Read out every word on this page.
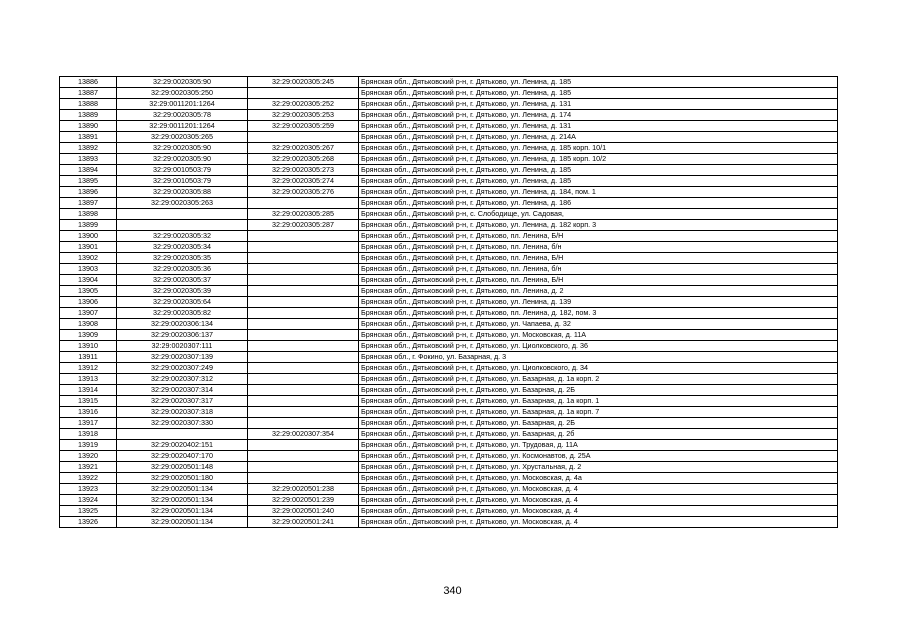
13886	32:29:0020305:90	32:29:0020305:245	Брянская обл., Дятьковский р-н, г. Дятьково, ул. Ленина, д. 185
13887	32:29:0020305:250		Брянская обл., Дятьковский р-н, г. Дятьково, ул. Ленина, д. 185
13888	32:29:0011201:1264	32:29:0020305:252	Брянская обл., Дятьковский р-н, г. Дятьково, ул. Ленина, д. 131
13889	32:29:0020305:78	32:29:0020305:253	Брянская обл., Дятьковский р-н, г. Дятьково, ул. Ленина, д. 174
13890	32:29:0011201:1264	32:29:0020305:259	Брянская обл., Дятьковский р-н, г. Дятьково, ул. Ленина, д. 131
13891	32:29:0020305:265		Брянская обл., Дятьковский р-н, г. Дятьково, ул. Ленина, д. 214А
13892	32:29:0020305:90	32:29:0020305:267	Брянская обл., Дятьковский р-н, г. Дятьково, ул. Ленина, д. 185 корп. 10/1
13893	32:29:0020305:90	32:29:0020305:268	Брянская обл., Дятьковский р-н, г. Дятьково, ул. Ленина, д. 185 корп. 10/2
13894	32:29:0010503:79	32:29:0020305:273	Брянская обл., Дятьковский р-н, г. Дятьково, ул. Ленина, д. 185
13895	32:29:0010503:79	32:29:0020305:274	Брянская обл., Дятьковский р-н, г. Дятьково, ул. Ленина, д. 185
13896	32:29:0020305:88	32:29:0020305:276	Брянская обл., Дятьковский р-н, г. Дятьково, ул. Ленина, д. 184, пом. 1
13897	32:29:0020305:263		Брянская обл., Дятьковский р-н, г. Дятьково, ул. Ленина, д. 186
13898		32:29:0020305:285	Брянская обл., Дятьковский р-н, с. Слободище, ул. Садовая,
13899		32:29:0020305:287	Брянская обл., Дятьковский р-н, г. Дятьково, ул. Ленина, д. 182 корп. 3
13900	32:29:0020305:32		Брянская обл., Дятьковский р-н, г. Дятьково, пл. Ленина, Б/Н
13901	32:29:0020305:34		Брянская обл., Дятьковский р-н, г. Дятьково, пл. Ленина, б/н
13902	32:29:0020305:35		Брянская обл., Дятьковский р-н, г. Дятьково, пл. Ленина, Б/Н
13903	32:29:0020305:36		Брянская обл., Дятьковский р-н, г. Дятьково, пл. Ленина, б/н
13904	32:29:0020305:37		Брянская обл., Дятьковский р-н, г. Дятьково, пл. Ленина, Б/Н
13905	32:29:0020305:39		Брянская обл., Дятьковский р-н, г. Дятьково, пл. Ленина, д. 2
13906	32:29:0020305:64		Брянская обл., Дятьковский р-н, г. Дятьково, ул. Ленина, д. 139
13907	32:29:0020305:82		Брянская обл., Дятьковский р-н, г. Дятьково, пл. Ленина, д. 182, пом. 3
13908	32:29:0020306:134		Брянская обл., Дятьковский р-н, г. Дятьково, ул. Чапаева, д. 32
13909	32:29:0020306:137		Брянская обл., Дятьковский р-н, г. Дятьково, ул. Московская, д. 11А
13910	32:29:0020307:111		Брянская обл., Дятьковский р-н, г. Дятьково, ул. Циолковского, д. 36
13911	32:29:0020307:139		Брянская обл., г. Фокино, ул. Базарная, д. 3
13912	32:29:0020307:249		Брянская обл., Дятьковский р-н, г. Дятьково, ул. Циолковского, д. 34
13913	32:29:0020307:312		Брянская обл., Дятьковский р-н, г. Дятьково, ул. Базарная, д. 1а корп. 2
13914	32:29:0020307:314		Брянская обл., Дятьковский р-н, г. Дятьково, ул. Базарная, д. 2Б
13915	32:29:0020307:317		Брянская обл., Дятьковский р-н, г. Дятьково, ул. Базарная, д. 1а корп. 1
13916	32:29:0020307:318		Брянская обл., Дятьковский р-н, г. Дятьково, ул. Базарная, д. 1а корп. 7
13917	32:29:0020307:330		Брянская обл., Дятьковский р-н, г. Дятьково, ул. Базарная, д. 2Б
13918		32:29:0020307:354	Брянская обл., Дятьковский р-н, г. Дятьково, ул. Базарная, д. 2б
13919	32:29:0020402:151		Брянская обл., Дятьковский р-н, г. Дятьково, ул. Трудовая, д. 11А
13920	32:29:0020407:170		Брянская обл., Дятьковский р-н, г. Дятьково, ул. Космонавтов, д. 25А
13921	32:29:0020501:148		Брянская обл., Дятьковский р-н, г. Дятьково, ул. Хрустальная, д. 2
13922	32:29:0020501:180		Брянская обл., Дятьковский р-н, г. Дятьково, ул. Московская, д. 4а
13923	32:29:0020501:134	32:29:0020501:238	Брянская обл., Дятьковский р-н, г. Дятьково, ул. Московская, д. 4
13924	32:29:0020501:134	32:29:0020501:239	Брянская обл., Дятьковский р-н, г. Дятьково, ул. Московская, д. 4
13925	32:29:0020501:134	32:29:0020501:240	Брянская обл., Дятьковский р-н, г. Дятьково, ул. Московская, д. 4
13926	32:29:0020501:134	32:29:0020501:241	Брянская обл., Дятьковский р-н, г. Дятьково, ул. Московская, д. 4
340
